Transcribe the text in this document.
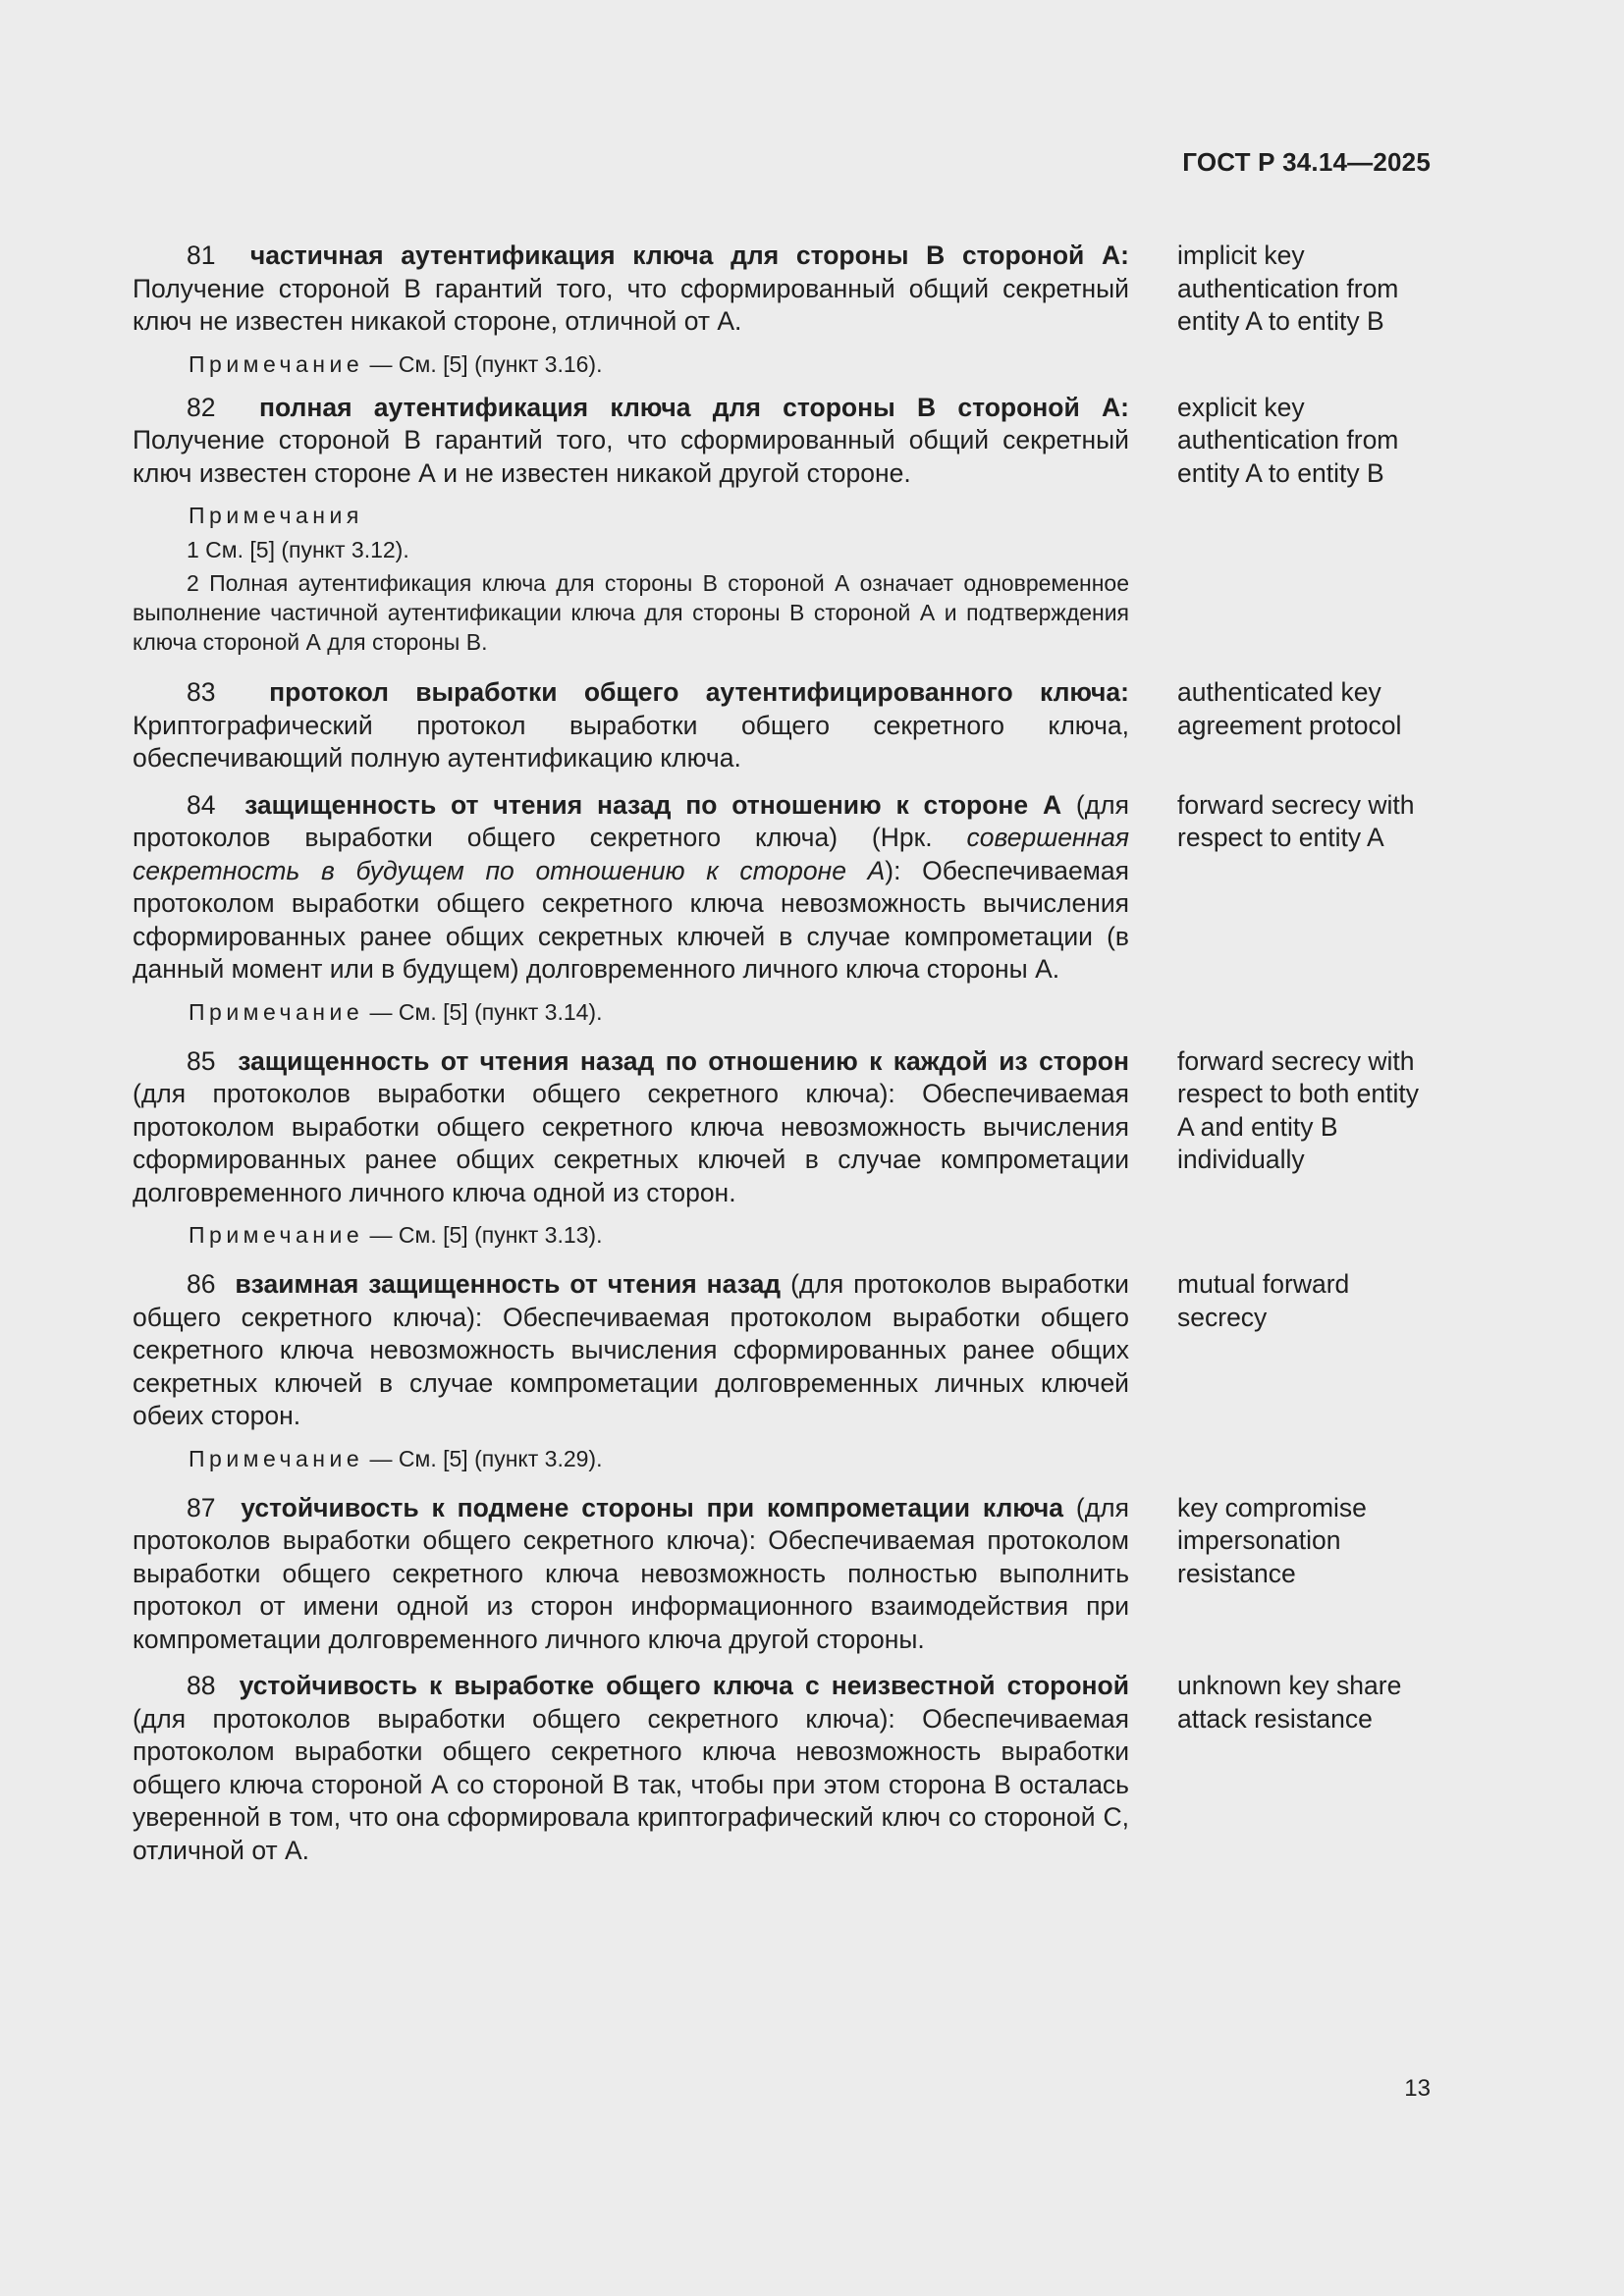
ГОСТ Р 34.14—2025
81 частичная аутентификация ключа для стороны В стороной А: Получение стороной В гарантий того, что сформированный общий секретный ключ не известен никакой стороне, отличной от А.
implicit key authentication from entity A to entity B
Примечание — См. [5] (пункт 3.16).
82 полная аутентификация ключа для стороны В стороной А: Получение стороной В гарантий того, что сформированный общий секретный ключ известен стороне А и не известен никакой другой стороне.
explicit key authentication from entity A to entity B
Примечания
1 См. [5] (пункт 3.12).
2 Полная аутентификация ключа для стороны В стороной А означает одновременное выполнение частичной аутентификации ключа для стороны В стороной А и подтверждения ключа стороной А для стороны В.
83 протокол выработки общего аутентифицированного ключа: Криптографический протокол выработки общего секретного ключа, обеспечивающий полную аутентификацию ключа.
authenticated key agreement protocol
84 защищенность от чтения назад по отношению к стороне А (для протоколов выработки общего секретного ключа) (Нрк. совершенная секретность в будущем по отношению к стороне А): Обеспечиваемая протоколом выработки общего секретного ключа невозможность вычисления сформированных ранее общих секретных ключей в случае компрометации (в данный момент или в будущем) долговременного личного ключа стороны А.
forward secrecy with respect to entity A
Примечание — См. [5] (пункт 3.14).
85 защищенность от чтения назад по отношению к каждой из сторон (для протоколов выработки общего секретного ключа): Обеспечиваемая протоколом выработки общего секретного ключа невозможность вычисления сформированных ранее общих секретных ключей в случае компрометации долговременного личного ключа одной из сторон.
forward secrecy with respect to both entity A and entity B individually
Примечание — См. [5] (пункт 3.13).
86 взаимная защищенность от чтения назад (для протоколов выработки общего секретного ключа): Обеспечиваемая протоколом выработки общего секретного ключа невозможность вычисления сформированных ранее общих секретных ключей в случае компрометации долговременных личных ключей обеих сторон.
mutual forward secrecy
Примечание — См. [5] (пункт 3.29).
87 устойчивость к подмене стороны при компрометации ключа (для протоколов выработки общего секретного ключа): Обеспечиваемая протоколом выработки общего секретного ключа невозможность полностью выполнить протокол от имени одной из сторон информационного взаимодействия при компрометации долговременного личного ключа другой стороны.
key compromise impersonation resistance
88 устойчивость к выработке общего ключа с неизвестной стороной (для протоколов выработки общего секретного ключа): Обеспечиваемая протоколом выработки общего секретного ключа невозможность выработки общего ключа стороной А со стороной В так, чтобы при этом сторона В осталась уверенной в том, что она сформировала криптографический ключ со стороной С, отличной от А.
unknown key share attack resistance
13
